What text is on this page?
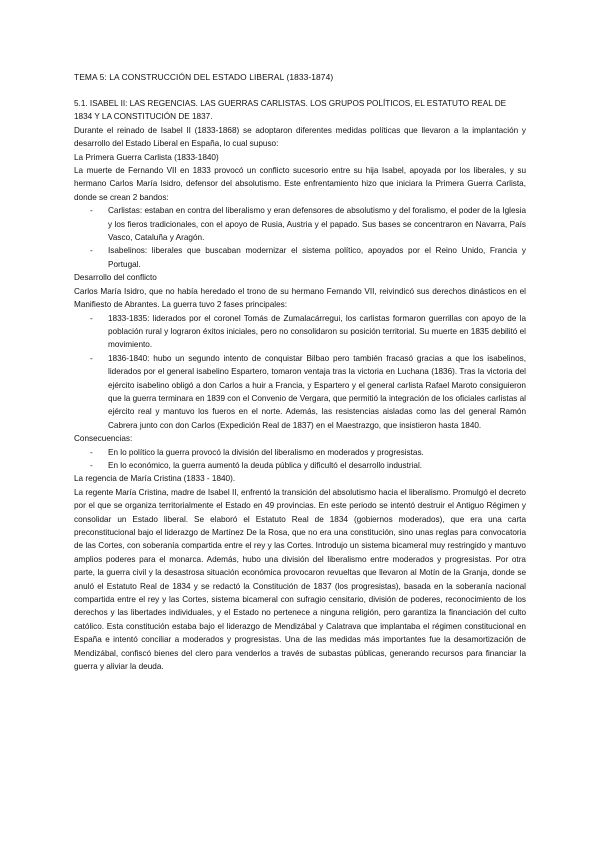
TEMA 5: LA CONSTRUCCIÓN DEL ESTADO LIBERAL (1833-1874)
5.1. ISABEL II: LAS REGENCIAS. LAS GUERRAS CARLISTAS. LOS GRUPOS POLÍTICOS, EL ESTATUTO REAL DE 1834 Y LA CONSTITUCIÓN DE 1837.

Durante el reinado de Isabel II (1833-1868) se adoptaron diferentes medidas políticas que llevaron a la implantación y desarrollo del Estado Liberal en España, lo cual supuso:

La Primera Guerra Carlista (1833-1840)

La muerte de Fernando VII en 1833 provocó un conflicto sucesorio entre su hija Isabel, apoyada por los liberales, y su hermano Carlos María Isidro, defensor del absolutismo. Este enfrentamiento hizo que iniciara la Primera Guerra Carlista, donde se crean 2 bandos:

- Carlistas: estaban en contra del liberalismo y eran defensores de absolutismo y del foralismo, el poder de la Iglesia y los fieros tradicionales, con el apoyo de Rusia, Austria y el papado. Sus bases se concentraron en Navarra, País Vasco, Cataluña y Aragón.
- Isabelinos: liberales que buscaban modernizar el sistema político, apoyados por el Reino Unido, Francia y Portugal.
Desarrollo del conflicto

Carlos María Isidro, que no había heredado el trono de su hermano Fernando VII, reivindicó sus derechos dinásticos en el Manifiesto de Abrantes. La guerra tuvo 2 fases principales:

- 1833-1835: liderados por el coronel Tomás de Zumalacárregui, los carlistas formaron guerrillas con apoyo de la población rural y lograron éxitos iniciales, pero no consolidaron su posición territorial. Su muerte en 1835 debilitó el movimiento.
- 1836-1840: hubo un segundo intento de conquistar Bilbao pero también fracasó gracias a que los isabelinos, liderados por el general isabelino Espartero, tomaron ventaja tras la victoria en Luchana (1836). Tras la victoria del ejército isabelino obligó a don Carlos a huir a Francia, y Espartero y el general carlista Rafael Maroto consiguieron que la guerra terminara en 1839 con el Convenio de Vergara, que permitió la integración de los oficiales carlistas al ejército real y mantuvo los fueros en el norte. Además, las resistencias aisladas como las del general Ramón Cabrera junto con don Carlos (Expedición Real de 1837) en el Maestrazgo, que insistieron hasta 1840.
Consecuencias:
- En lo político la guerra provocó la división del liberalismo en moderados y progresistas.
- En lo económico, la guerra aumentó la deuda pública y dificultó el desarrollo industrial.
La regencia de María Cristina (1833 - 1840).

La regente María Cristina, madre de Isabel II, enfrentó la transición del absolutismo hacia el liberalismo. Promulgó el decreto por el que se organiza territorialmente el Estado en 49 provincias. En este periodo se intentó destruir el Antiguo Régimen y consolidar un Estado liberal. Se elaboró el Estatuto Real de 1834 (gobiernos moderados), que era una carta preconstitucional bajo el liderazgo de Martínez De la Rosa, que no era una constitución, sino unas reglas para convocatoria de las Cortes, con soberanía compartida entre el rey y las Cortes. Introdujo un sistema bicameral muy restringido y mantuvo amplios poderes para el monarca. Además, hubo una división del liberalismo entre moderados y progresistas. Por otra parte, la guerra civil y la desastrosa situación económica provocaron revueltas que llevaron al Motín de la Granja, donde se anuló el Estatuto Real de 1834 y se redactó la Constitución de 1837 (los progresistas), basada en la soberanía nacional compartida entre el rey y las Cortes, sistema bicameral con sufragio censitario, división de poderes, reconocimiento de los derechos y las libertades individuales, y el Estado no pertenece a ninguna religión, pero garantiza la financiación del culto católico. Esta constitución estaba bajo el liderazgo de Mendizábal y Calatrava que implantaba el régimen constitucional en España e intentó conciliar a moderados y progresistas. Una de las medidas más importantes fue la desamortización de Mendizábal, confiscó bienes del clero para venderlos a través de subastas públicas, generando recursos para financiar la guerra y aliviar la deuda.
